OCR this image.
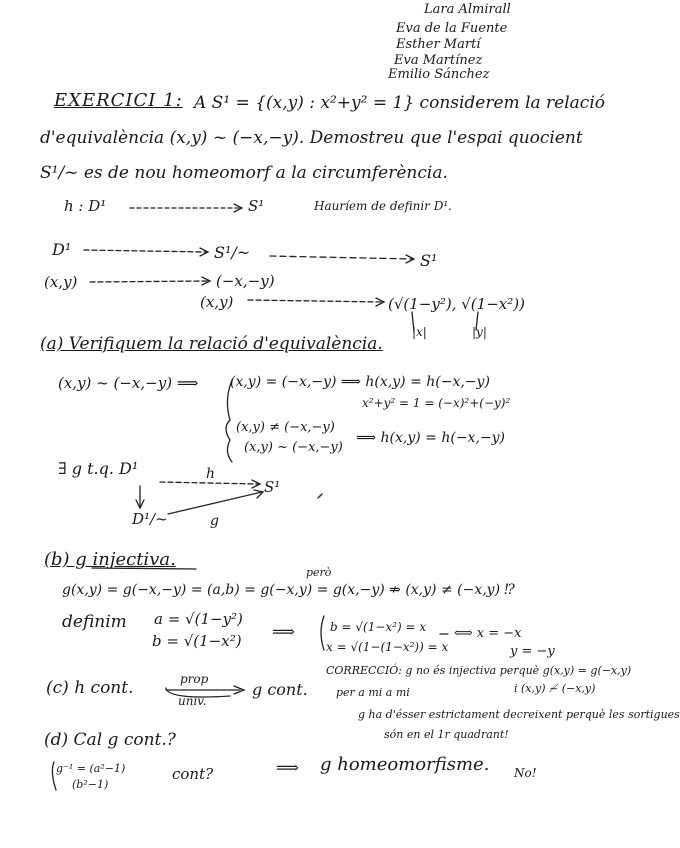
Lara Almirall
Eva de la Fuente
Esther Martí
Eva Martínez
Emilio Sánchez
EXERCICI 1: A S¹ = {(x,y) : x²+y² = 1} considerem la relació
d'equivalència (x,y) ~ (−x,−y). Demostreu que l'espai quocient
S¹/~ es de nou homeomorf a la circumferència.
h : D¹	S¹	Hauríem de definir D¹.
D¹	S¹/~	S¹
(x,y)	(−x,−y)
(x,y)	(√(1−y²), √(1−x²))
|x|	|y|
(a) Verifiquem la relació d'equivalència.
(x,y) ~ (−x,−y) ⟹ (x,y) = (−x,−y) ⟹ h(x,y) = h(−x,−y)
x²+y² = 1 = (−x)²+(−y)²
(x,y) ≠ (−x,−y)
(x,y) ~ (−x,−y)
⟹ h(x,y) = h(−x,−y)
∃ g t.q. D¹	h
S¹
D¹/~	g
(b) g injectiva.
però
g(x,y) = g(−x,−y) = (a,b) = g(−x,y) = g(x,−y) ⇏ (x,y) ≠ (−x,y) ⁉
definim a = √(1−y²)
b = √(1−x²) ⟹	b = √(1−x²) = x
x = √(1−(1−x²)) = x
⟺ x = −x
y = −y
CORRECCIÓ: g no és injectiva perquè g(x,y) = g(−x,y)
i (x,y) ≁ (−x,y)
per a mi a mi
g ha d'ésser estrictament decreixent perquè les sortigues
són en el 1r quadrant!
(c) h cont.	prop
univ.
g cont.
(d) Cal g cont.?
g⁻¹ = (a²−1)
(b²−1)
cont?	⟹ g homeomorfisme. No!
